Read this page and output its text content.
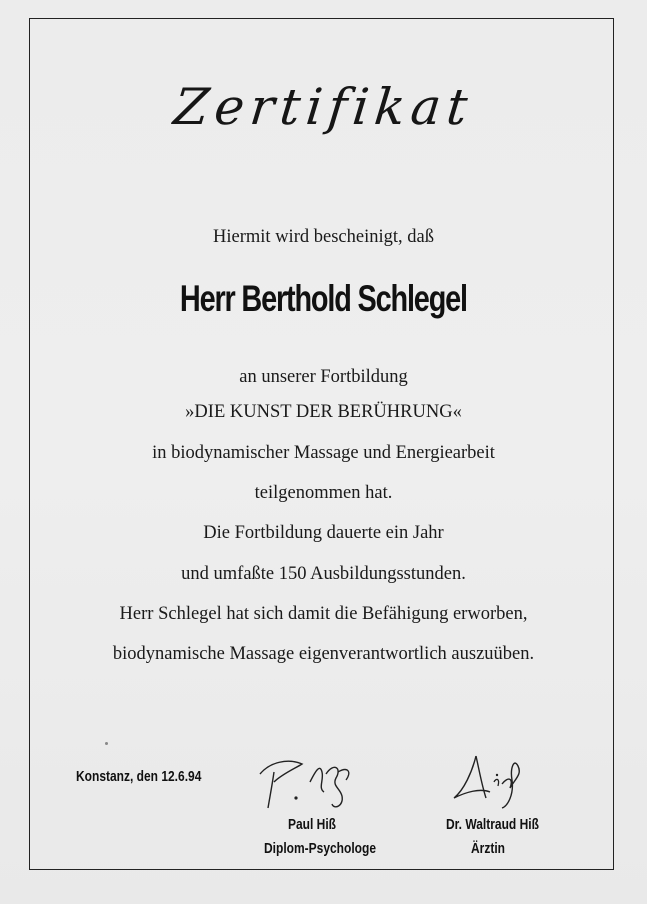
Zertifikat
Hiermit wird bescheinigt, daß
Herr Berthold Schlegel
an unserer Fortbildung
»DIE KUNST DER BERÜHRUNG«
in biodynamischer Massage und Energiearbeit
teilgenommen hat.
Die Fortbildung dauerte ein Jahr
und umfaßte 150 Ausbildungsstunden.
Herr Schlegel hat sich damit die Befähigung erworben,
biodynamische Massage eigenverantwortlich auszuüben.
Konstanz, den 12.6.94
Paul Hiß
Diplom-Psychologe
Dr. Waltraud Hiß
Ärztin
